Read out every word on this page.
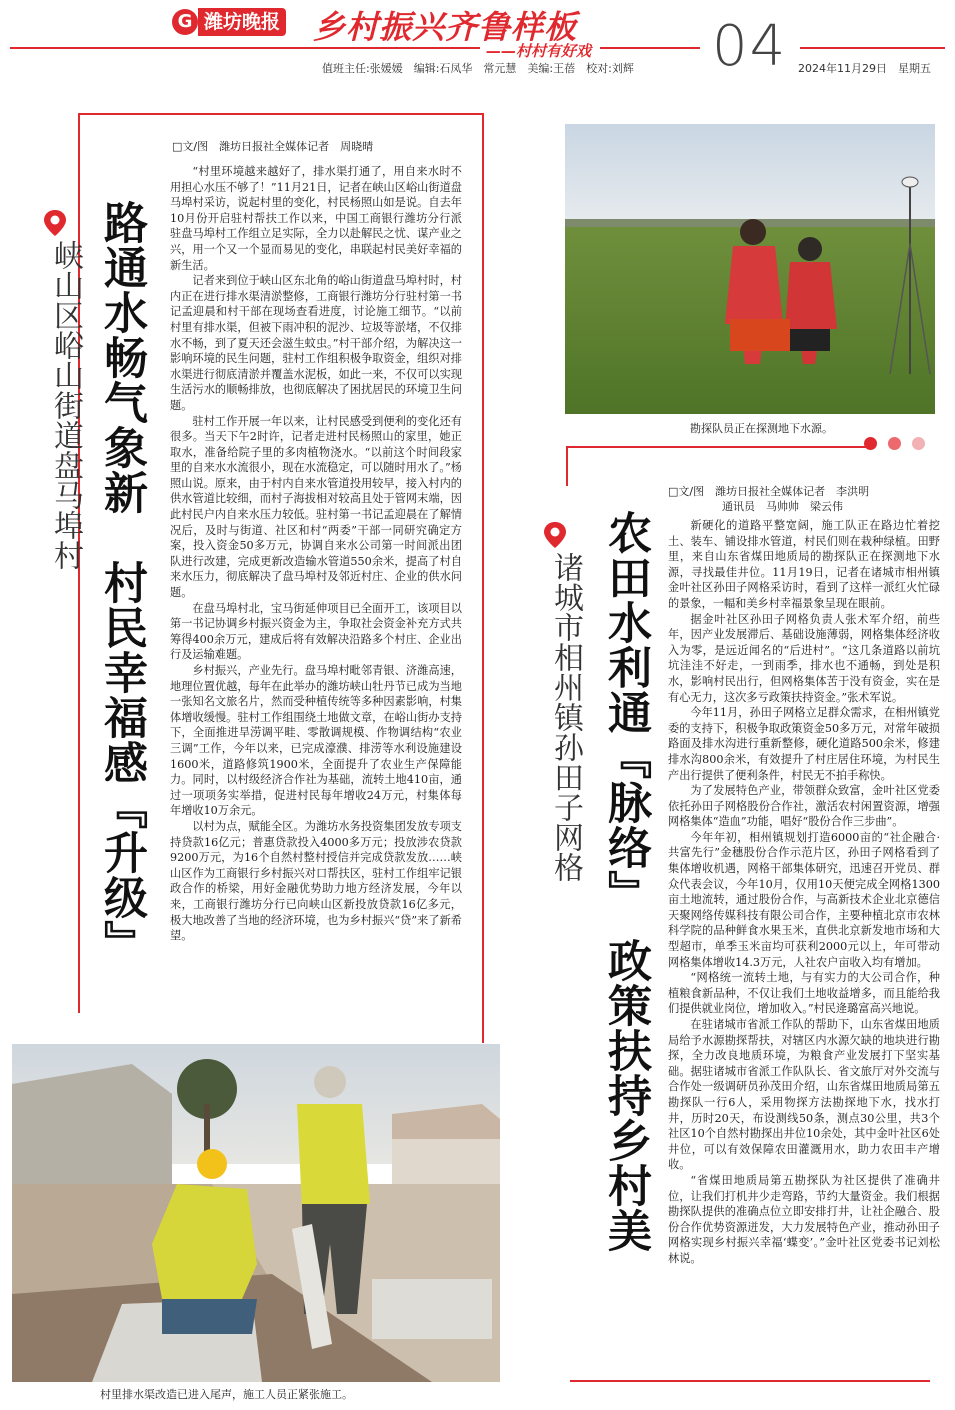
G 潍坊晚报 乡村振兴齐鲁样板
——村村有好戏 04
值班主任:张媛媛　编辑:石凤华　常元慧　美编:王蓓　校对:刘辉	2024年11月29日　星期五
峡山区峪山街道盘马埠村 路通水畅气象新　村民幸福感『升级』
□文/图　潍坊日报社全媒体记者　周晓晴

“村里环境越来越好了，排水渠打通了，用自来水时不用担心水压不够了！”11月21日，记者在峡山区峪山街道盘马埠村采访，说起村里的变化，村民杨照山如是说。自去年10月份开启驻村帮扶工作以来，中国工商银行潍坊分行派驻盘马埠村工作组立足实际，全力以赴解民之忧、谋产业之兴，用一个又一个显而易见的变化，串联起村民美好幸福的新生活。

记者来到位于峡山区东北角的峪山街道盘马埠村时，村内正在进行排水渠清淤整修，工商银行潍坊分行驻村第一书记孟迎晨和村干部在现场查看进度，讨论施工细节。“以前村里有排水渠，但被下雨冲积的泥沙、垃圾等淤堵，不仅排水不畅，到了夏天还会滋生蚊虫。”村干部介绍，为解决这一影响环境的民生问题，驻村工作组积极争取资金，组织对排水渠进行彻底清淤并覆盖水泥板，如此一来，不仅可以实现生活污水的顺畅排放，也彻底解决了困扰居民的环境卫生问题。

驻村工作开展一年以来，让村民感受到便利的变化还有很多。当天下午2时许，记者走进村民杨照山的家里，她正取水，准备给院子里的多肉植物浇水。“以前这个时间段家里的自来水水流很小，现在水流稳定，可以随时用水了。”杨照山说。原来，由于村内自来水管道投用较早，接入村内的供水管道比较细，而村子海拔相对较高且处于管网末端，因此村民户内自来水压力较低。驻村第一书记孟迎晨在了解情况后，及时与街道、社区和村“两委”干部一同研究确定方案，投入资金50多万元，协调自来水公司第一时间派出团队进行改建，完成更新改造输水管道550余米，提高了村自来水压力，彻底解决了盘马埠村及邻近村庄、企业的供水问题。

在盘马埠村北，宝马街延伸项目已全面开工，该项目以第一书记协调乡村振兴资金为主，争取社会资金补充方式共筹得400余万元，建成后将有效解决沿路多个村庄、企业出行及运输难题。

乡村振兴，产业先行。盘马埠村毗邻青银、济潍高速，地理位置优越，每年在此举办的潍坊峡山牡丹节已成为当地一张知名文旅名片，然而受种植传统等多种因素影响，村集体增收缓慢。驻村工作组围绕土地做文章，在峪山街办支持下，全面推进旱涝调平畦、零散调规模、作物调结构“农业三调”工作，今年以来，已完成濠濮、排涝等水利设施建设1600米，道路修筑1900米，全面提升了农业生产保障能力。同时，以村级经济合作社为基础，流转土地410亩，通过一项项务实举措，促进村民每年增收24万元，村集体每年增收10万余元。

以村为点，赋能全区。为潍坊水务投资集团发放专项支持贷款16亿元；普惠贷款投入4000多万元；投放涉农贷款9200万元，为16个自然村整村授信并完成贷款发放……峡山区作为工商银行乡村振兴对口帮扶区，驻村工作组牢记银政合作的桥梁，用好金融优势助力地方经济发展，今年以来，工商银行潍坊分行已向峡山区新投放贷款16亿多元，极大地改善了当地的经济环境，也为乡村振兴“贷”来了新希望。

勘探队员正在探测地下水源。
诸城市相州镇孙田子网格 农田水利通『脉络』　政策扶持乡村美
□文/图　潍坊日报社全媒体记者　李洪明
通讯员　马帅帅　梁云伟

新硬化的道路平整宽阔，施工队正在路边忙着挖土、装车、铺设排水管道，村民们则在栽种绿植。田野里，来自山东省煤田地质局的勘探队正在探测地下水源，寻找最佳井位。11月19日，记者在诸城市相州镇金叶社区孙田子网格采访时，看到了这样一派红火忙碌的景象，一幅和美乡村幸福景象呈现在眼前。

据金叶社区孙田子网格负责人张术军介绍，前些年，因产业发展滞后、基础设施薄弱，网格集体经济收入为零，是远近闻名的“后进村”。“这几条道路以前坑坑洼洼不好走，一到雨季，排水也不通畅，到处是积水，影响村民出行，但网格集体苦于没有资金，实在是有心无力，这次多亏政策扶持资金。”张术军说。

今年11月，孙田子网格立足群众需求，在相州镇党委的支持下，积极争取政策资金50多万元，对常年破损路面及排水沟进行重新整修，硬化道路500余米，修建排水沟800余米，有效提升了村庄居住环境，为村民生产出行提供了便利条件，村民无不拍手称快。

为了发展特色产业，带领群众致富，金叶社区党委依托孙田子网格股份合作社，激活农村闲置资源，增强网格集体“造血”功能，唱好“股份合作三步曲”。

今年年初，相州镇规划打造6000亩的“社企融合·共富先行”金穗股份合作示范片区，孙田子网格看到了集体增收机遇，网格干部集体研究，迅速召开党员、群众代表会议，今年10月，仅用10天便完成全网格1300亩土地流转，通过股份合作，与高新技术企业北京德信天聚网络传媒科技有限公司合作，主要种植北京市农林科学院的品种鲜食水果玉米，直供北京新发地市场和大型超市，单季玉米亩均可获利2000元以上，年可带动网格集体增收14.3万元，人社农户亩收入均有增加。

“网格统一流转土地，与有实力的大公司合作，种植粮食新品种，不仅让我们土地收益增多，而且能给我们提供就业岗位，增加收入。”村民逄璐富高兴地说。

在驻诸城市省派工作队的帮助下，山东省煤田地质局给予水源勘探帮扶，对辖区内水源欠缺的地块进行勘探，全力改良地质环境，为粮食产业发展打下坚实基础。据驻诸城市省派工作队队长、省文旅厅对外交流与合作处一级调研员孙茂田介绍，山东省煤田地质局第五勘探队一行6人，采用物探方法勘探地下水，找水打井，历时20天，布设测线50条，测点30公里，共3个社区10个自然村勘探出井位10余处，其中金叶社区6处井位，可以有效保障农田灌溉用水，助力农田丰产增收。

“省煤田地质局第五勘探队为社区提供了准确井位，让我们打机井少走弯路，节约大量资金。我们根据勘探队提供的准确点位立即安排打井，让社企融合、股份合作优势资源迸发，大力发展特色产业，推动孙田子网格实现乡村振兴幸福‘蝶变’。”金叶社区党委书记刘松林说。

村里排水渠改造已进入尾声，施工人员正紧张施工。
